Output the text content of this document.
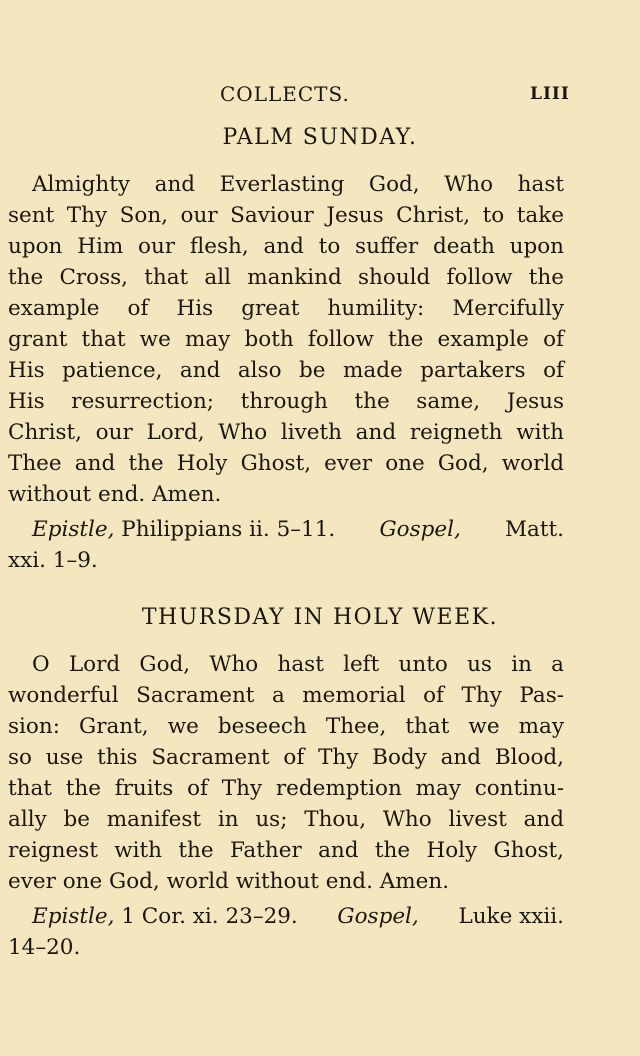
COLLECTS.	LIII
PALM SUNDAY.
Almighty and Everlasting God, Who hast
sent Thy Son, our Saviour Jesus Christ, to take
upon Him our flesh, and to suffer death upon
the Cross, that all mankind should follow the
example of His great humility: Mercifully
grant that we may both follow the example of
His patience, and also be made partakers of
His resurrection; through the same, Jesus
Christ, our Lord, Who liveth and reigneth with
Thee and the Holy Ghost, ever one God, world
without end. Amen.
Epistle, Philippians ii. 5–11. Gospel, Matt.
xxi. 1–9.
THURSDAY IN HOLY WEEK.
O Lord God, Who hast left unto us in a
wonderful Sacrament a memorial of Thy Pas-
sion: Grant, we beseech Thee, that we may
so use this Sacrament of Thy Body and Blood,
that the fruits of Thy redemption may continu-
ally be manifest in us; Thou, Who livest and
reignest with the Father and the Holy Ghost,
ever one God, world without end. Amen.
Epistle, 1 Cor. xi. 23–29. Gospel, Luke xxii.
14–20.
